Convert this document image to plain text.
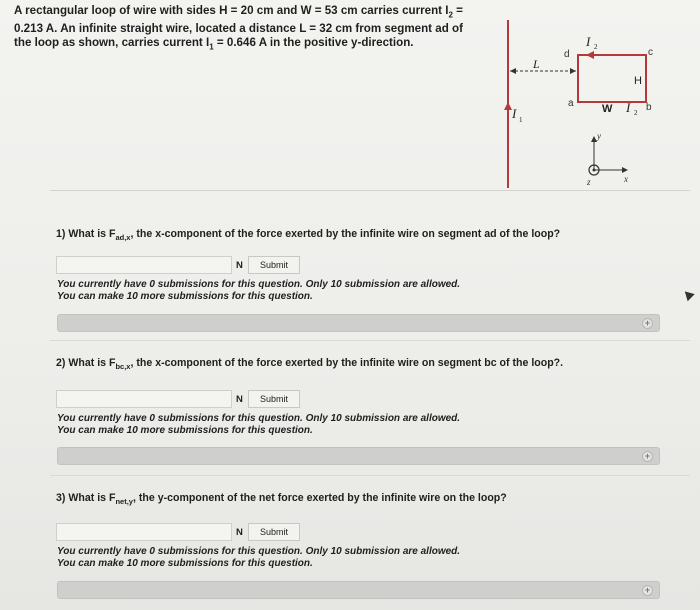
A rectangular loop of wire with sides H = 20 cm and W = 53 cm carries current $I_2$ =
0.213 A. An infinite straight wire, located a distance L = 32 cm from segment ad of
the loop as shown, carries current $I_1 = 0.646$ A in the positive y-direction.
I 1
L
d	c
a	b
I 2
H
W I 2
y
x
z
1) What is $F_{ad,x}$, the x-component of the force exerted by the infinite wire on segment ad of the loop?
N	Submit
You currently have 0 submissions for this question. Only 10 submission are allowed.
You can make 10 more submissions for this question.
+
2) What is $F_{bc,x}$, the x-component of the force exerted by the infinite wire on segment bc of the loop?.
N	Submit
You currently have 0 submissions for this question. Only 10 submission are allowed.
You can make 10 more submissions for this question.
+
3) What is $F_{net,y}$, the y-component of the net force exerted by the infinite wire on the loop?
N	Submit
You currently have 0 submissions for this question. Only 10 submission are allowed.
You can make 10 more submissions for this question.
+
